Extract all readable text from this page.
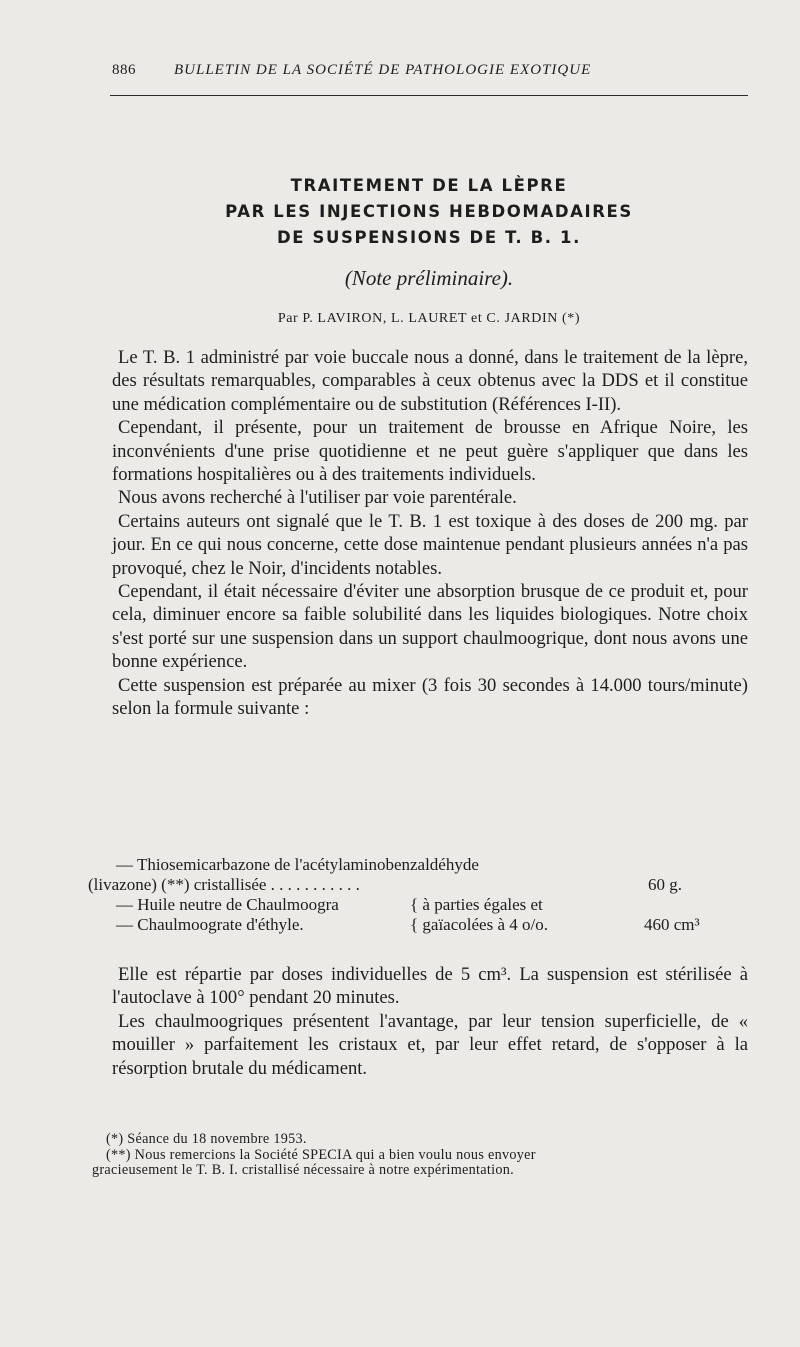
886	BULLETIN DE LA SOCIÉTÉ DE PATHOLOGIE EXOTIQUE
TRAITEMENT DE LA LÈPRE
PAR LES INJECTIONS HEBDOMADAIRES
DE SUSPENSIONS DE T. B. 1.
(Note préliminaire).
Par P. LAVIRON, L. LAURET et C. JARDIN (*)

Le T. B. 1 administré par voie buccale nous a donné, dans le traitement de la lèpre, des résultats remarquables, comparables à ceux obtenus avec la DDS et il constitue une médication complémentaire ou de substitution (Références I-II).

Cependant, il présente, pour un traitement de brousse en Afrique Noire, les inconvénients d'une prise quotidienne et ne peut guère s'appliquer que dans les formations hospitalières ou à des traitements individuels.

Nous avons recherché à l'utiliser par voie parentérale.

Certains auteurs ont signalé que le T. B. 1 est toxique à des doses de 200 mg. par jour. En ce qui nous concerne, cette dose maintenue pendant plusieurs années n'a pas provoqué, chez le Noir, d'incidents notables.

Cependant, il était nécessaire d'éviter une absorption brusque de ce produit et, pour cela, diminuer encore sa faible solubilité dans les liquides biologiques. Notre choix s'est porté sur une suspension dans un support chaulmoogrique, dont nous avons une bonne expérience.

Cette suspension est préparée au mixer (3 fois 30 secondes à 14.000 tours/minute) selon la formule suivante :

— Thiosemicarbazone de l'acétylaminobenzaldéhyde
(livazone) (**) cristallisée . . . . . . . . . . .	60 g.
— Huile neutre de Chaulmoogra	{ à parties égales et
— Chaulmoograte d'éthyle.	{ gaïacolées à 4 o/o.	460 cm³

Elle est répartie par doses individuelles de 5 cm³. La suspension est stérilisée à l'autoclave à 100° pendant 20 minutes.

Les chaulmoogriques présentent l'avantage, par leur tension superficielle, de « mouiller » parfaitement les cristaux et, par leur effet retard, de s'opposer à la résorption brutale du médicament.

(*) Séance du 18 novembre 1953.
(**) Nous remercions la Société SPECIA qui a bien voulu nous envoyer
gracieusement le T. B. I. cristallisé nécessaire à notre expérimentation.
